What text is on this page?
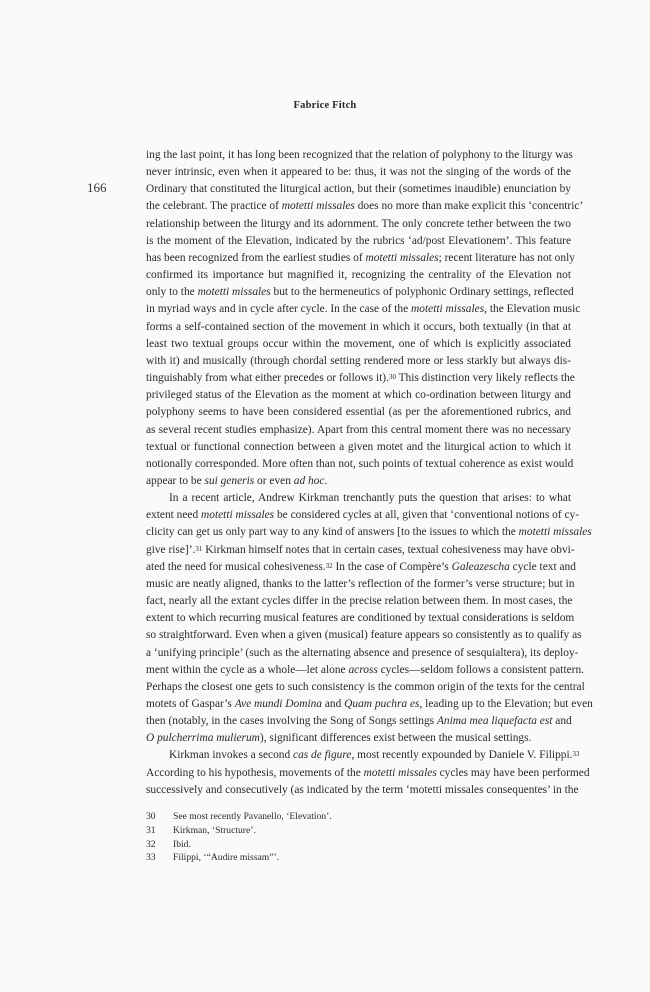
Fabrice Fitch
166
ing the last point, it has long been recognized that the relation of polyphony to the liturgy was
never intrinsic, even when it appeared to be: thus, it was not the singing of the words of the
Ordinary that constituted the liturgical action, but their (sometimes inaudible) enunciation by
the celebrant. The practice of motetti missales does no more than make explicit this ‘concentric’
relationship between the liturgy and its adornment. The only concrete tether between the two
is the moment of the Elevation, indicated by the rubrics ‘ad/post Elevationem’. This feature
has been recognized from the earliest studies of motetti missales; recent literature has not only
confirmed its importance but magnified it, recognizing the centrality of the Elevation not
only to the motetti missales but to the hermeneutics of polyphonic Ordinary settings, reflected
in myriad ways and in cycle after cycle. In the case of the motetti missales, the Elevation music
forms a self-contained section of the movement in which it occurs, both textually (in that at
least two textual groups occur within the movement, one of which is explicitly associated
with it) and musically (through chordal setting rendered more or less starkly but always dis-
tinguishably from what either precedes or follows it).$^{30}$ This distinction very likely reflects the
privileged status of the Elevation as the moment at which co-ordination between liturgy and
polyphony seems to have been considered essential (as per the aforementioned rubrics, and
as several recent studies emphasize). Apart from this central moment there was no necessary
textual or functional connection between a given motet and the liturgical action to which it
notionally corresponded. More often than not, such points of textual coherence as exist would
appear to be sui generis or even ad hoc.
In a recent article, Andrew Kirkman trenchantly puts the question that arises: to what
extent need motetti missales be considered cycles at all, given that ‘conventional notions of cy-
clicity can get us only part way to any kind of answers [to the issues to which the motetti missales
give rise]’.$^{31}$ Kirkman himself notes that in certain cases, textual cohesiveness may have obvi-
ated the need for musical cohesiveness.$^{32}$ In the case of Compère’s Galeazescha cycle text and
music are neatly aligned, thanks to the latter’s reflection of the former’s verse structure; but in
fact, nearly all the extant cycles differ in the precise relation between them. In most cases, the
extent to which recurring musical features are conditioned by textual considerations is seldom
so straightforward. Even when a given (musical) feature appears so consistently as to qualify as
a ‘unifying principle’ (such as the alternating absence and presence of sesquialtera), its deploy-
ment within the cycle as a whole—let alone across cycles—seldom follows a consistent pattern.
Perhaps the closest one gets to such consistency is the common origin of the texts for the central
motets of Gaspar’s Ave mundi Domina and Quam puchra es, leading up to the Elevation; but even
then (notably, in the cases involving the Song of Songs settings Anima mea liquefacta est and
O pulcherrima mulierum), significant differences exist between the musical settings.
Kirkman invokes a second cas de figure, most recently expounded by Daniele V. Filippi.$^{33}$
According to his hypothesis, movements of the motetti missales cycles may have been performed
successively and consecutively (as indicated by the term ‘motetti missales consequentes’ in the
30	See most recently Pavanello, ‘Elevation’.
31	Kirkman, ‘Structure’.
32	Ibid.
33	Filippi, ‘“Audire missam”’.
